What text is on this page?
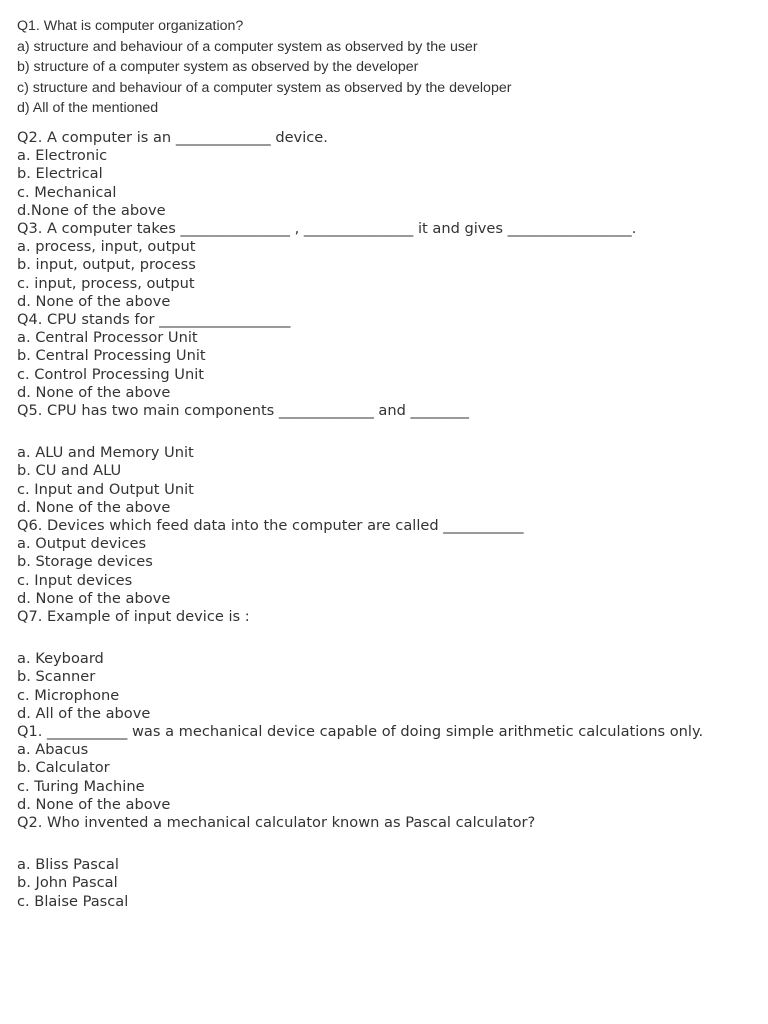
Q1. What is computer organization?
a) structure and behaviour of a computer system as observed by the user
b) structure of a computer system as observed by the developer
c) structure and behaviour of a computer system as observed by the developer
d) All of the mentioned
Q2. A computer is an _____________ device.
a. Electronic
b. Electrical
c. Mechanical
d.None of the above
Q3. A computer takes _______________ , _______________ it and gives _________________.
a. process, input, output
b. input, output, process
c. input, process, output
d. None of the above
Q4. CPU stands for __________________
a. Central Processor Unit
b. Central Processing Unit
c. Control Processing Unit
d. None of the above
Q5. CPU has two main components _____________ and ________
a. ALU and Memory Unit
b. CU and ALU
c. Input and Output Unit
d. None of the above
Q6. Devices which feed data into the computer are called ___________
a. Output devices
b. Storage devices
c. Input devices
d. None of the above
Q7. Example of input device is :
a. Keyboard
b. Scanner
c. Microphone
d. All of the above
Q1. ___________ was a mechanical device capable of doing simple arithmetic calculations only.
a. Abacus
b. Calculator
c. Turing Machine
d. None of the above
Q2. Who invented a mechanical calculator known as Pascal calculator?
a. Bliss Pascal
b. John Pascal
c. Blaise Pascal
